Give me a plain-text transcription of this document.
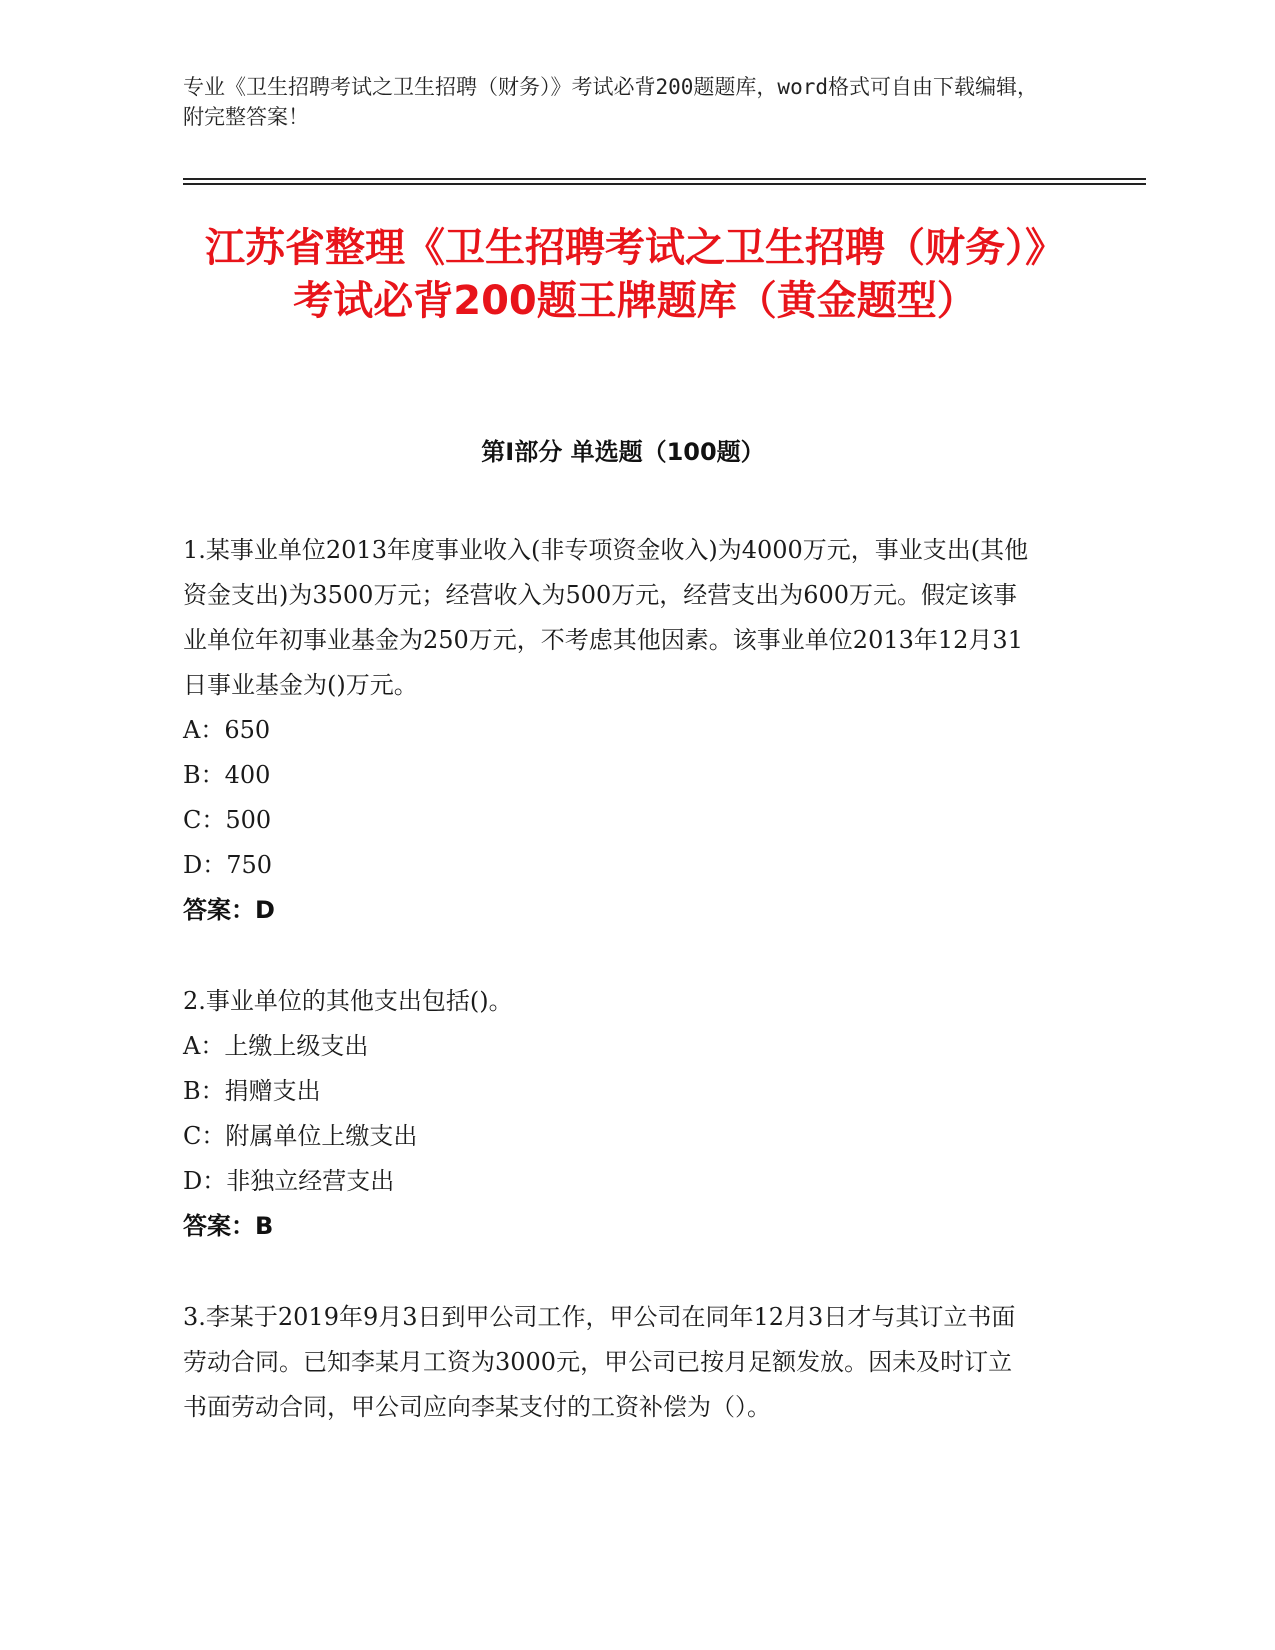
专业《卫生招聘考试之卫生招聘（财务）》考试必背200题题库，word格式可自由下载编辑，附完整答案！
江苏省整理《卫生招聘考试之卫生招聘（财务）》考试必背200题王牌题库（黄金题型）
第I部分 单选题（100题）

1.某事业单位2013年度事业收入(非专项资金收入)为4000万元，事业支出(其他资金支出)为3500万元；经营收入为500万元，经营支出为600万元。假定该事业单位年初事业基金为250万元，不考虑其他因素。该事业单位2013年12月31日事业基金为()万元。

A：650

B：400

C：500

D：750

答案：D

2.事业单位的其他支出包括()。

A：上缴上级支出

B：捐赠支出

C：附属单位上缴支出

D：非独立经营支出

答案：B

3.李某于2019年9月3日到甲公司工作，甲公司在同年12月3日才与其订立书面劳动合同。已知李某月工资为3000元，甲公司已按月足额发放。因未及时订立书面劳动合同，甲公司应向李某支付的工资补偿为（）。
